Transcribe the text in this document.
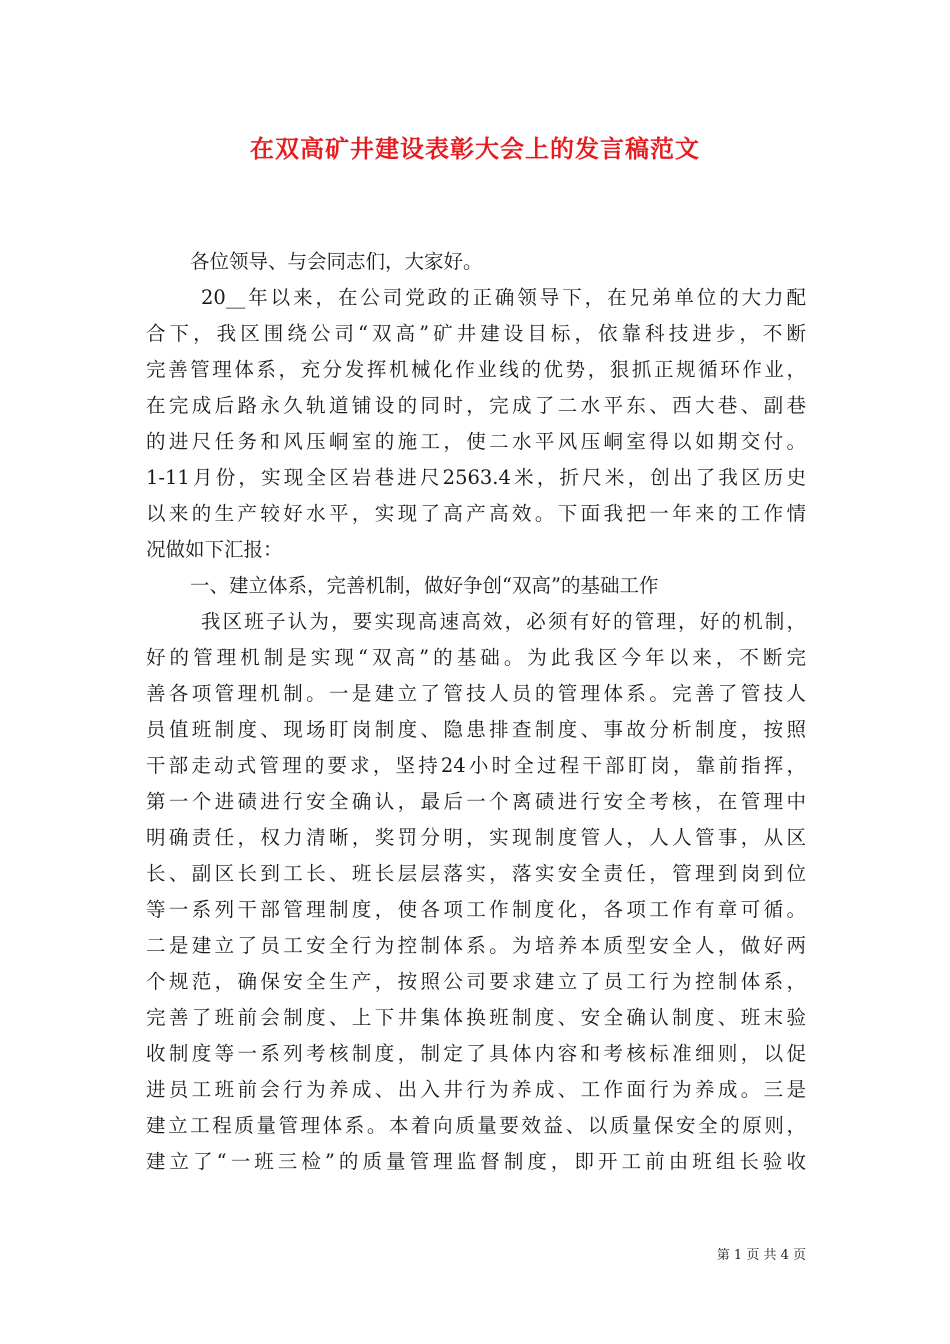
在双高矿井建设表彰大会上的发言稿范文
各位领导、与会同志们，大家好。
20__年以来，在公司党政的正确领导下，在兄弟单位的大力配
合下，我区围绕公司“双高”矿井建设目标，依靠科技进步，不断
完善管理体系，充分发挥机械化作业线的优势，狠抓正规循环作业，
在完成后路永久轨道铺设的同时，完成了二水平东、西大巷、副巷
的进尺任务和风压峒室的施工，使二水平风压峒室得以如期交付。
1-11月份，实现全区岩巷进尺2563.4米，折尺米，创出了我区历史
以来的生产较好水平，实现了高产高效。下面我把一年来的工作情
况做如下汇报：
一、建立体系，完善机制，做好争创“双高”的基础工作
我区班子认为，要实现高速高效，必须有好的管理，好的机制，
好的管理机制是实现“双高”的基础。为此我区今年以来，不断完
善各项管理机制。一是建立了管技人员的管理体系。完善了管技人
员值班制度、现场盯岗制度、隐患排查制度、事故分析制度，按照
干部走动式管理的要求，坚持24小时全过程干部盯岗，靠前指挥，
第一个进碛进行安全确认，最后一个离碛进行安全考核，在管理中
明确责任，权力清晰，奖罚分明，实现制度管人，人人管事，从区
长、副区长到工长、班长层层落实，落实安全责任，管理到岗到位
等一系列干部管理制度，使各项工作制度化，各项工作有章可循。
二是建立了员工安全行为控制体系。为培养本质型安全人，做好两
个规范，确保安全生产，按照公司要求建立了员工行为控制体系，
完善了班前会制度、上下井集体换班制度、安全确认制度、班末验
收制度等一系列考核制度，制定了具体内容和考核标准细则，以促
进员工班前会行为养成、出入井行为养成、工作面行为养成。三是
建立工程质量管理体系。本着向质量要效益、以质量保安全的原则，
建立了“一班三检”的质量管理监督制度，即开工前由班组长验收
第 1 页 共 4 页
